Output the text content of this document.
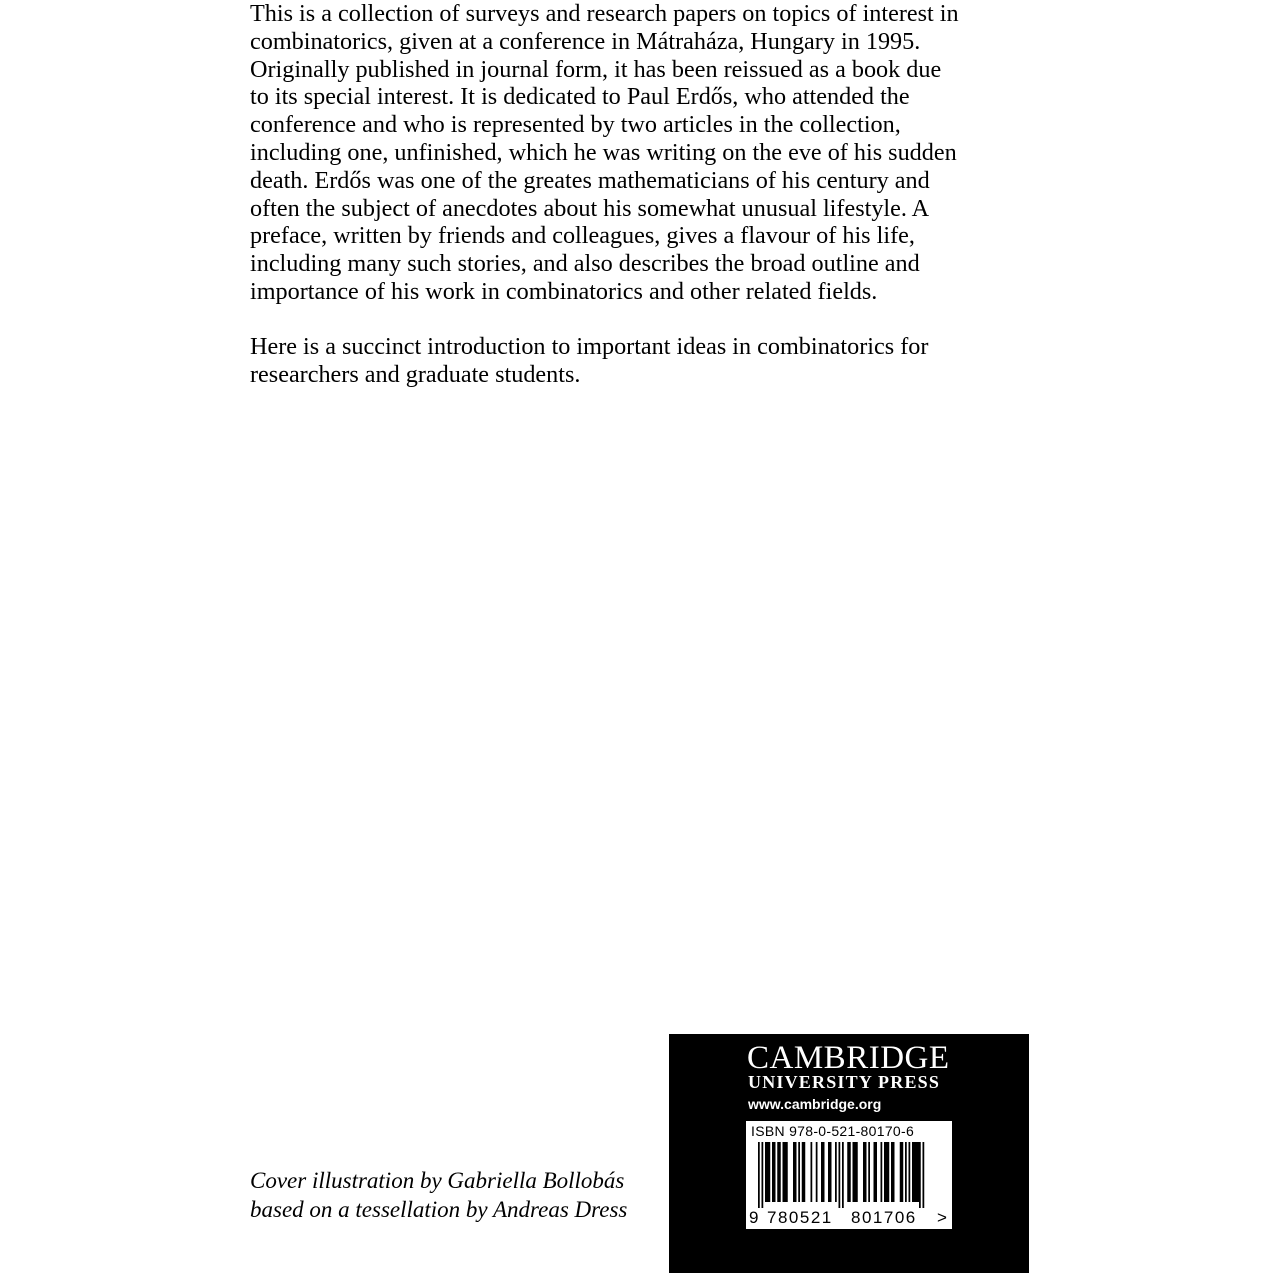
This is a collection of surveys and research papers on topics of interest in
combinatorics, given at a conference in Mátraháza, Hungary in 1995.
Originally published in journal form, it has been reissued as a book due
to its special interest. It is dedicated to Paul Erdős, who attended the
conference and who is represented by two articles in the collection,
including one, unfinished, which he was writing on the eve of his sudden
death. Erdős was one of the greates mathematicians of his century and
often the subject of anecdotes about his somewhat unusual lifestyle. A
preface, written by friends and colleagues, gives a flavour of his life,
including many such stories, and also describes the broad outline and
importance of his work in combinatorics and other related fields.

Here is a succinct introduction to important ideas in combinatorics for
researchers and graduate students.

Cover illustration by Gabriella Bollobás
based on a tessellation by Andreas Dress
CAMBRIDGE
UNIVERSITY PRESS
www.cambridge.org
ISBN 978-0-521-80170-6
9 780521 801706 >
